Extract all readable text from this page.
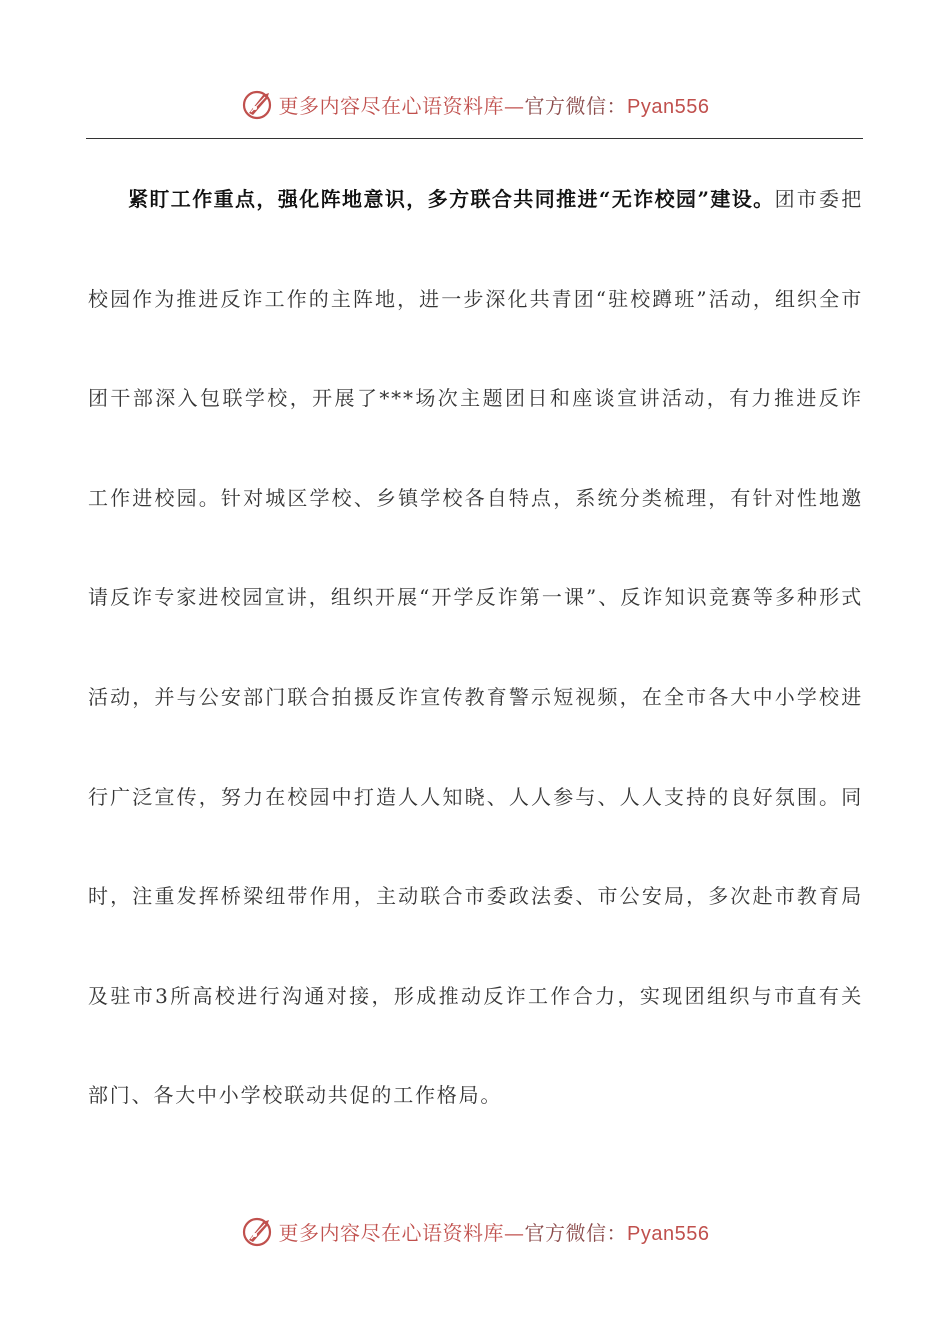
更多内容尽在心语资料库—官方微信：Pyan556

紧盯工作重点，强化阵地意识，多方联合共同推进“无诈校园”建设。团市委把校园作为推进反诈工作的主阵地，进一步深化共青团“驻校蹲班”活动，组织全市团干部深入包联学校，开展了***场次主题团日和座谈宣讲活动，有力推进反诈工作进校园。针对城区学校、乡镇学校各自特点，系统分类梳理，有针对性地邀请反诈专家进校园宣讲，组织开展“开学反诈第一课”、反诈知识竞赛等多种形式活动，并与公安部门联合拍摄反诈宣传教育警示短视频，在全市各大中小学校进行广泛宣传，努力在校园中打造人人知晓、人人参与、人人支持的良好氛围。同时，注重发挥桥梁纽带作用，主动联合市委政法委、市公安局，多次赴市教育局及驻市3所高校进行沟通对接，形成推动反诈工作合力，实现团组织与市直有关部门、各大中小学校联动共促的工作格局。

更多内容尽在心语资料库—官方微信：Pyan556
